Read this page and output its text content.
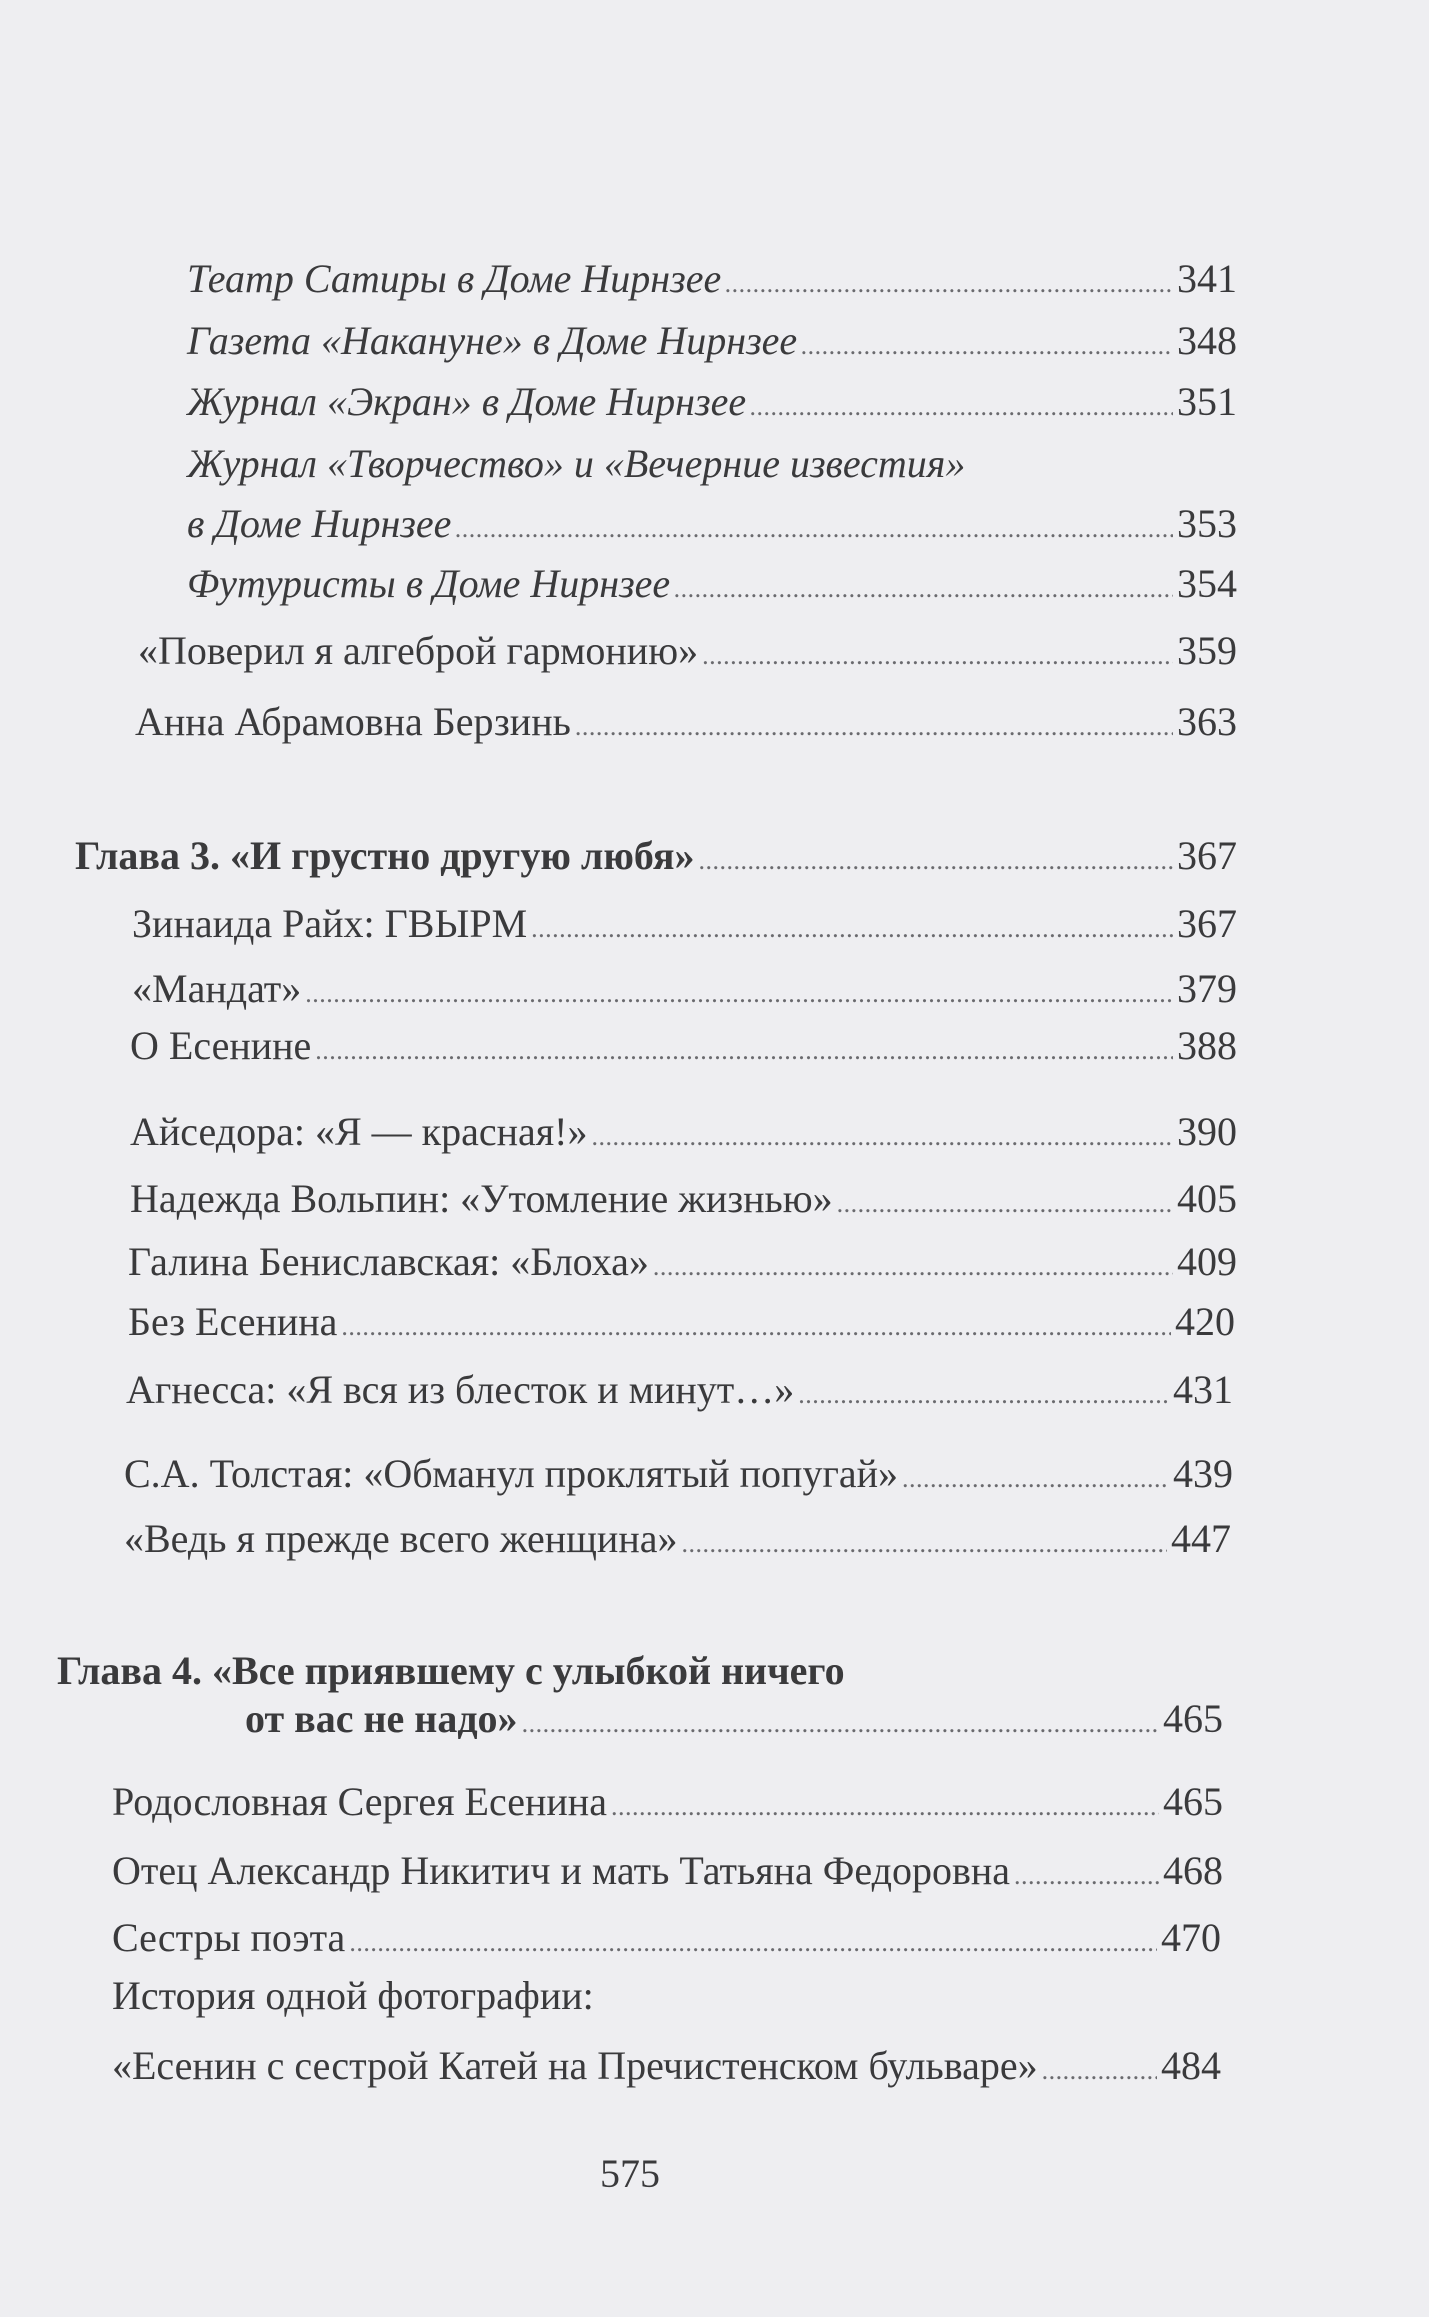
Театр Сатиры в Доме Нирнзее . . .	341
Газета «Накануне» в Доме Нирнзее . . .	348
Журнал «Экран» в Доме Нирнзее . . .	351
Журнал «Творчество» и «Вечерние известия»
в Доме Нирнзее . . .	353
Футуристы в Доме Нирнзее . . .	354
«Поверил я алгеброй гармонию» . . .	359
Анна Абрамовна Берзинь . . .	363
Глава 3. «И грустно другую любя» . . .	367
Зинаида Райх: ГВЫРМ . . .	367
«Мандат» . . .	379
О Есенине . . .	388
Айседора: «Я — красная!» . . .	390
Надежда Вольпин: «Утомление жизнью» . . .	405
Галина Бениславская: «Блоха» . . .	409
Без Есенина . . .	420
Агнесса: «Я вся из блесток и минут…» . . .	431
С.А. Толстая: «Обманул проклятый попугай» . . .	439
«Ведь я прежде всего женщина» . . .	447
Глава 4. «Все приявшему с улыбкой ничего
от вас не надо» . . .	465
Родословная Сергея Есенина . . .	465
Отец Александр Никитич и мать Татьяна Федоровна . . .	468
Сестры поэта . . .	470
История одной фотографии:
«Есенин с сестрой Катей на Пречистенском бульваре» . . .	484
575
